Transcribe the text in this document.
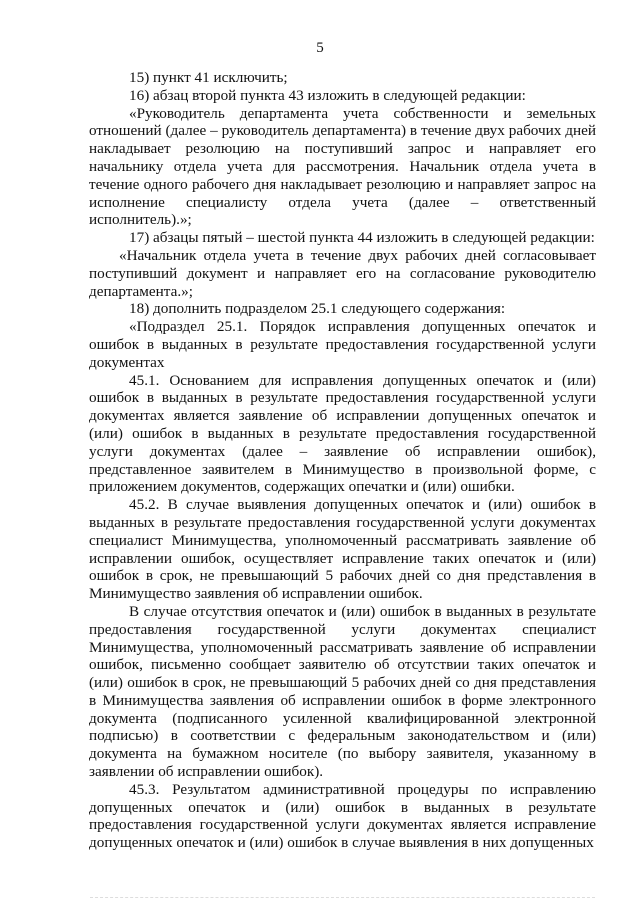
5

15) пункт 41 исключить;

16) абзац второй пункта 43 изложить в следующей редакции:

«Руководитель департамента учета собственности и земельных отношений (далее – руководитель департамента) в течение двух рабочих дней накладывает резолюцию на поступивший запрос и направляет его начальнику отдела учета для рассмотрения. Начальник отдела учета в течение одного рабочего дня накладывает резолюцию и направляет запрос на исполнение специалисту отдела учета (далее – ответственный исполнитель).»;

17) абзацы пятый – шестой пункта 44 изложить в следующей редакции:

«Начальник отдела учета в течение двух рабочих дней согласовывает поступивший документ и направляет его на согласование руководителю департамента.»;

18) дополнить подразделом 25.1 следующего содержания:

«Подраздел 25.1. Порядок исправления допущенных опечаток и ошибок в выданных в результате предоставления государственной услуги документах

45.1. Основанием для исправления допущенных опечаток и (или) ошибок в выданных в результате предоставления государственной услуги документах является заявление об исправлении допущенных опечаток и (или) ошибок в выданных в результате предоставления государственной услуги документах (далее – заявление об исправлении ошибок), представленное заявителем в Минимущество в произвольной форме, с приложением документов, содержащих опечатки и (или) ошибки.

45.2. В случае выявления допущенных опечаток и (или) ошибок в выданных в результате предоставления государственной услуги документах специалист Минимущества, уполномоченный рассматривать заявление об исправлении ошибок, осуществляет исправление таких опечаток и (или) ошибок в срок, не превышающий 5 рабочих дней со дня представления в Минимущество заявления об исправлении ошибок.

В случае отсутствия опечаток и (или) ошибок в выданных в результате предоставления государственной услуги документах специалист Минимущества, уполномоченный рассматривать заявление об исправлении ошибок, письменно сообщает заявителю об отсутствии таких опечаток и (или) ошибок в срок, не превышающий 5 рабочих дней со дня представления в Минимущества заявления об исправлении ошибок в форме электронного документа (подписанного усиленной квалифицированной электронной подписью) в соответствии с федеральным законодательством и (или) документа на бумажном носителе (по выбору заявителя, указанному в заявлении об исправлении ошибок).

45.3. Результатом административной процедуры по исправлению допущенных опечаток и (или) ошибок в выданных в результате предоставления государственной услуги документах является исправление допущенных опечаток и (или) ошибок в случае выявления в них допущенных
